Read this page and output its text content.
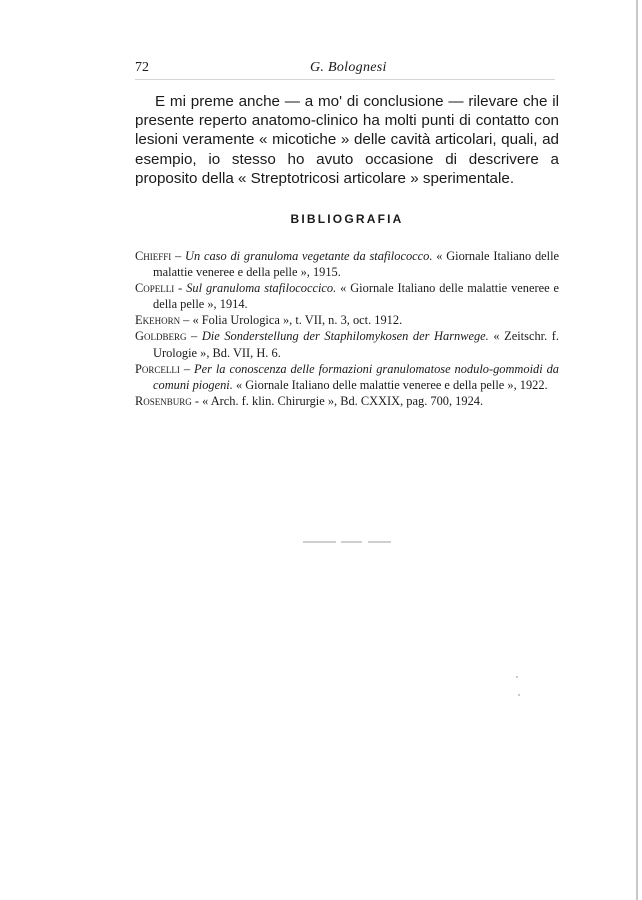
72	G. Bolognesi

E mi preme anche — a mo' di conclusione — rilevare che il presente reperto anatomo-clinico ha molti punti di contatto con lesioni veramente « micotiche » delle cavità articolari, quali, ad esempio, io stesso ho avuto occasione di descrivere a proposito della « Streptotricosi articolare » sperimentale.

BIBLIOGRAFIA
Chieffi – Un caso di granuloma vegetante da stafilococco. « Giornale Italiano delle malattie veneree e della pelle », 1915.
Copelli - Sul granuloma stafilococcico. « Giornale Italiano delle malattie veneree e della pelle », 1914.
Ekehorn – « Folia Urologica », t. VII, n. 3, oct. 1912.
Goldberg – Die Sonderstellung der Staphilomykosen der Harnwege. « Zeitschr. f. Urologie », Bd. VII, H. 6.
Porcelli – Per la conoscenza delle formazioni granulomatose nodulo-gommoidi da comuni piogeni. « Giornale Italiano delle malattie veneree e della pelle », 1922.
Rosenburg - « Arch. f. klin. Chirurgie », Bd. CXXIX, pag. 700, 1924.
